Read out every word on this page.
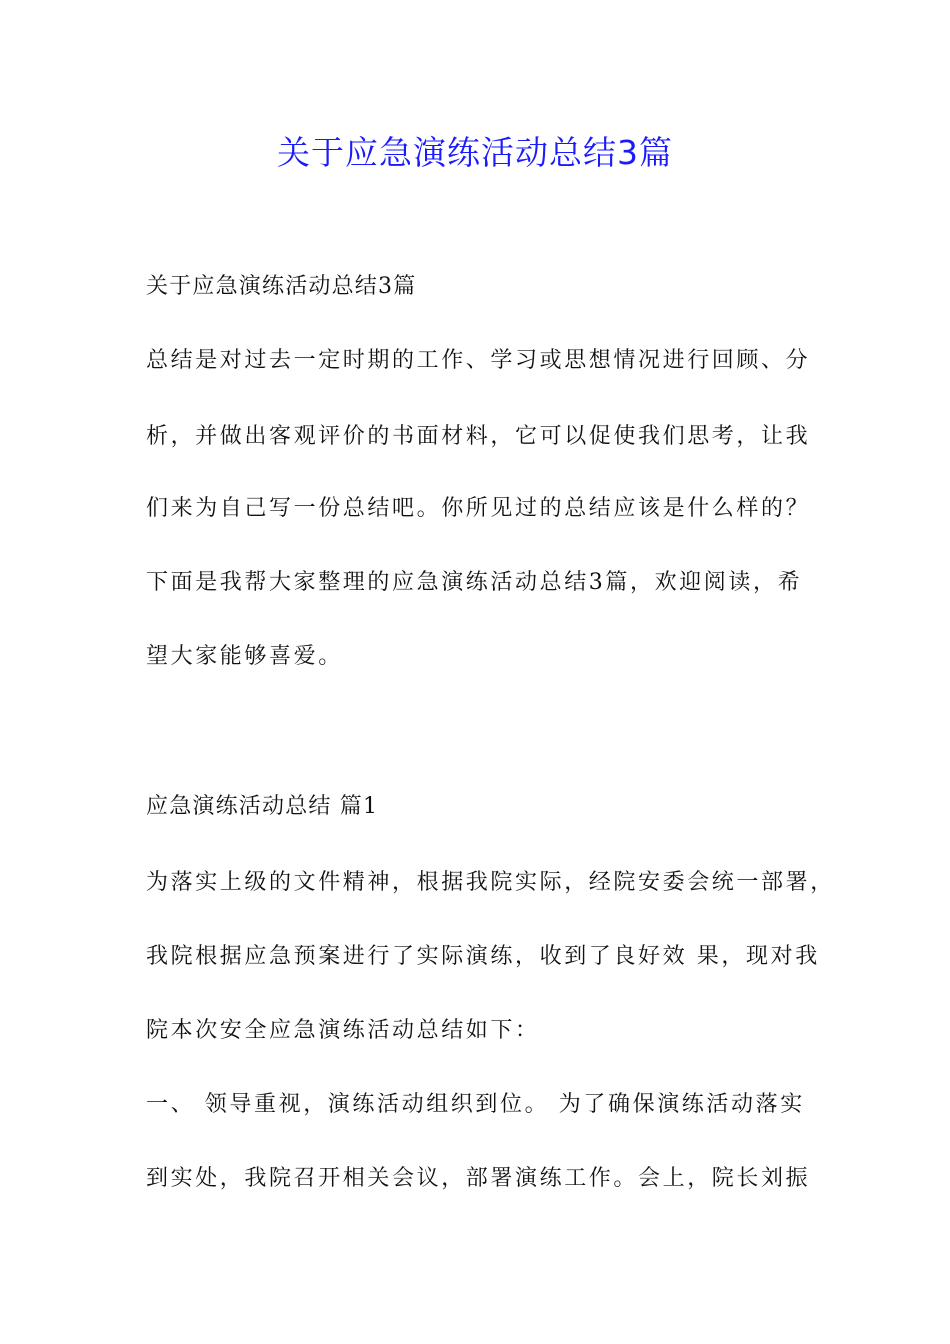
关于应急演练活动总结3篇
关于应急演练活动总结3篇
总结是对过去一定时期的工作、学习或思想情况进行回顾、分
析，并做出客观评价的书面材料，它可以促使我们思考，让我
们来为自己写一份总结吧。你所见过的总结应该是什么样的？
下面是我帮大家整理的应急演练活动总结3篇，欢迎阅读，希
望大家能够喜爱。
应急演练活动总结 篇1
为落实上级的文件精神，根据我院实际，经院安委会统一部署，
我院根据应急预案进行了实际演练，收到了良好效 果，现对我
院本次安全应急演练活动总结如下：
一、 领导重视，演练活动组织到位。 为了确保演练活动落实
到实处，我院召开相关会议，部署演练工作。会上，院长刘振
